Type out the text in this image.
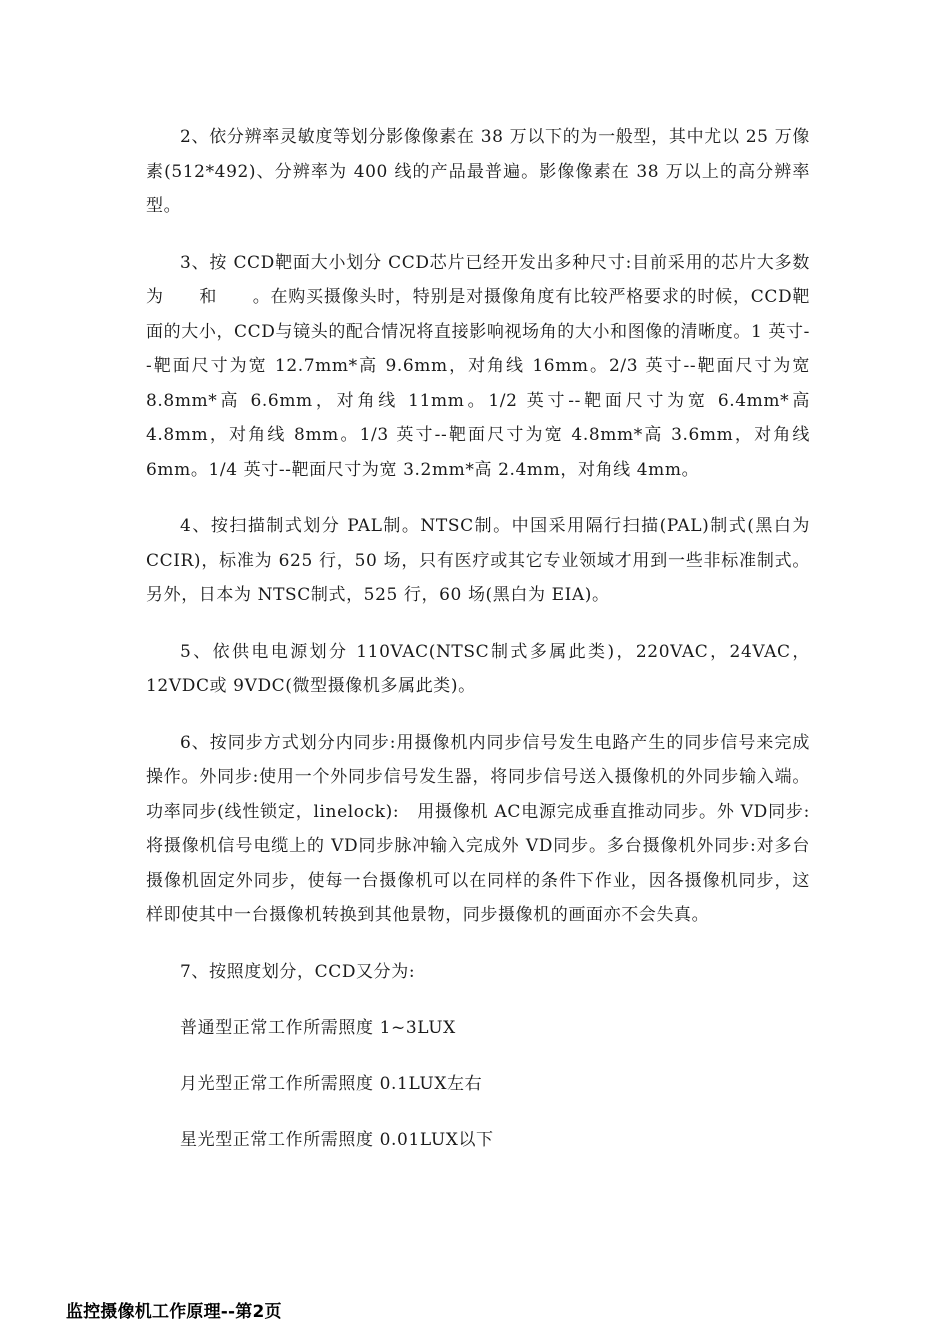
2、依分辨率灵敏度等划分影像像素在 38 万以下的为一般型，其中尤以 25 万像素(512*492)、分辨率为 400 线的产品最普遍。影像像素在 38 万以上的高分辨率型。

3、按 CCD靶面大小划分 CCD芯片已经开发出多种尺寸:目前采用的芯片大多数为　　和　　。在购买摄像头时，特别是对摄像角度有比较严格要求的时候，CCD靶面的大小，CCD与镜头的配合情况将直接影响视场角的大小和图像的清晰度。1 英寸--靶面尺寸为宽 12.7mm*高 9.6mm，对角线 16mm。2/3 英寸--靶面尺寸为宽 8.8mm*高 6.6mm，对角线 11mm。1/2 英寸--靶面尺寸为宽 6.4mm*高 4.8mm，对角线 8mm。1/3 英寸--靶面尺寸为宽 4.8mm*高 3.6mm，对角线 6mm。1/4 英寸--靶面尺寸为宽 3.2mm*高 2.4mm，对角线 4mm。

4、按扫描制式划分 PAL制。NTSC制。中国采用隔行扫描(PAL)制式(黑白为 CCIR)，标准为 625 行，50 场，只有医疗或其它专业领域才用到一些非标准制式。另外，日本为 NTSC制式，525 行，60 场(黑白为 EIA)。

5、依供电电源划分 110VAC(NTSC制式多属此类)，220VAC，24VAC，12VDC或 9VDC(微型摄像机多属此类)。

6、按同步方式划分内同步:用摄像机内同步信号发生电路产生的同步信号来完成操作。外同步:使用一个外同步信号发生器，将同步信号送入摄像机的外同步输入端。功率同步(线性锁定，linelock):　用摄像机 AC电源完成垂直推动同步。外 VD同步:将摄像机信号电缆上的 VD同步脉冲输入完成外 VD同步。多台摄像机外同步:对多台摄像机固定外同步，使每一台摄像机可以在同样的条件下作业，因各摄像机同步，这样即使其中一台摄像机转换到其他景物，同步摄像机的画面亦不会失真。

7、按照度划分，CCD又分为:

普通型正常工作所需照度 1~3LUX

月光型正常工作所需照度 0.1LUX左右

星光型正常工作所需照度 0.01LUX以下

监控摄像机工作原理--第2页
